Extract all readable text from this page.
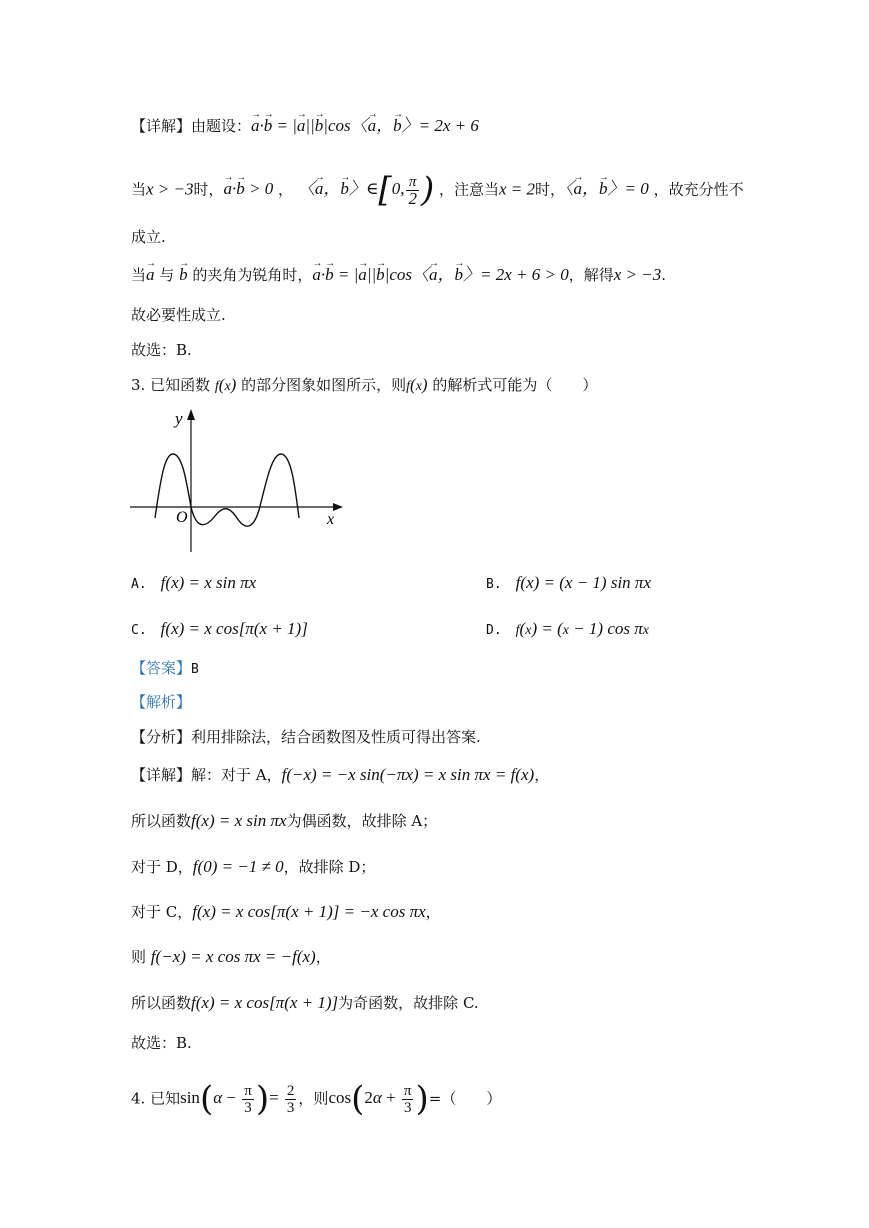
【详解】由题设：→ a·→ b = |→ a||→ b|cos〈→ a，→ b〉= 2x + 6
当x > −3时，→ a·→ b > 0 ， 〈→ a，→ b〉∈[0, $\frac{\pi}{2}$ ) ，注意当x = 2时，〈→ a，→ b〉= 0 ，故充分性不
成立.
当→ a 与 → b 的夹角为锐角时，→ a·→ b = |→ a||→ b|cos〈→ a，→ b〉= 2x + 6 > 0，解得x > −3.
故必要性成立.
故选：B.
3. 已知函数 f(x) 的部分图象如图所示，则f(x) 的解析式可能为（　　）
y
x
O
A. f(x) = x sin πx	B. f(x) = (x − 1) sin πx
C. f(x) = x cos[π(x + 1)]	D. f(x) = (x − 1) cos πx
【答案】B
【解析】
【分析】利用排除法，结合函数图及性质可得出答案.
【详解】解：对于 A，f(−x) = −x sin(−πx) = x sin πx = f(x)，
所以函数f(x) = x sin πx为偶函数，故排除 A；
对于 D，f(0) = −1 ≠ 0，故排除 D；
对于 C，f(x) = x cos[π(x + 1)] = −x cos πx，
则 f(−x) = x cos πx = −f(x)，
所以函数f(x) = x cos[π(x + 1)]为奇函数，故排除 C.
故选：B.
4. 已知$\sin(\alpha - \frac{\pi}{3}$ )= $\frac{2}{3}$ ，则$\cos(2\alpha + \frac{\pi}{3}$ )=（　　）
